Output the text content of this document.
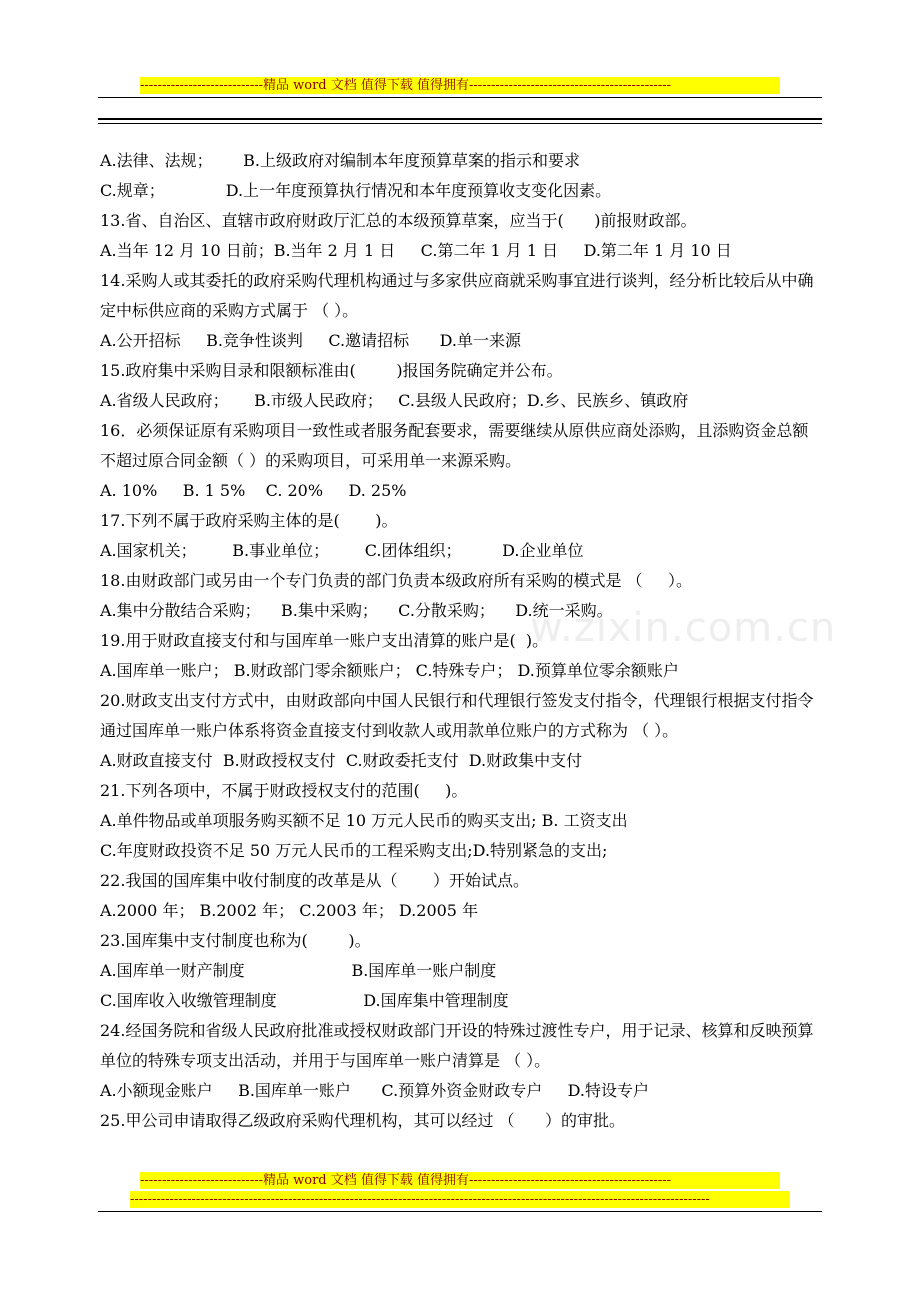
----------------------------精品 word 文档 值得下载 值得拥有----------------------------------------------
w.zixin.com.cn
A.法律、法规；      B.上级政府对编制本年度预算草案的指示和要求
C.规章；            D.上一年度预算执行情况和本年度预算收支变化因素。
13.省、自治区、直辖市政府财政厅汇总的本级预算草案，应当于(      )前报财政部。
A.当年 12 月 10 日前；B.当年 2 月 1 日     C.第二年 1 月 1 日     D.第二年 1 月 10 日
14.采购人或其委托的政府采购代理机构通过与多家供应商就采购事宜进行谈判，经分析比较后从中确定中标供应商的采购方式属于 （ ）。
A.公开招标     B.竞争性谈判     C.邀请招标      D.单一来源
15.政府集中采购目录和限额标准由(        )报国务院确定并公布。
A.省级人民政府；     B.市级人民政府；   C.县级人民政府；D.乡、民族乡、镇政府
16．必须保证原有采购项目一致性或者服务配套要求，需要继续从原供应商处添购，且添购资金总额不超过原合同金额（ ）的采购项目，可采用单一来源采购。
A. 10%     B. 1 5%    C. 20%     D. 25%
17.下列不属于政府采购主体的是(       )。
A.国家机关；       B.事业单位；       C.团体组织；        D.企业单位
18.由财政部门或另由一个专门负责的部门负责本级政府所有采购的模式是 （     ）。
A.集中分散结合采购；    B.集中采购；    C.分散采购；    D.统一采购。
19.用于财政直接支付和与国库单一账户支出清算的账户是(  )。
A.国库单一账户； B.财政部门零余额账户； C.特殊专户； D.预算单位零余额账户
20.财政支出支付方式中，由财政部向中国人民银行和代理银行签发支付指令，代理银行根据支付指令通过国库单一账户体系将资金直接支付到收款人或用款单位账户的方式称为 （ ）。
A.财政直接支付  B.财政授权支付  C.财政委托支付  D.财政集中支付
21.下列各项中，不属于财政授权支付的范围(     )。
A.单件物品或单项服务购买额不足 10 万元人民币的购买支出; B. 工资支出
C.年度财政投资不足 50 万元人民币的工程采购支出;D.特别紧急的支出;
22.我国的国库集中收付制度的改革是从（       ）开始试点。
A.2000 年； B.2002 年； C.2003 年； D.2005 年
23.国库集中支付制度也称为(        )。
A.国库单一财产制度                     B.国库单一账户制度
C.国库收入收缴管理制度                 D.国库集中管理制度
24.经国务院和省级人民政府批准或授权财政部门开设的特殊过渡性专户，用于记录、核算和反映预算单位的特殊专项支出活动，并用于与国库单一账户清算是 （ ）。
A.小额现金账户     B.国库单一账户      C.预算外资金财政专户     D.特设专户
25.甲公司申请取得乙级政府采购代理机构，其可以经过 （      ）的审批。
----------------------------精品 word 文档 值得下载 值得拥有----------------------------------------------
------------------------------------------------------------------------------------------------------------------------------------
